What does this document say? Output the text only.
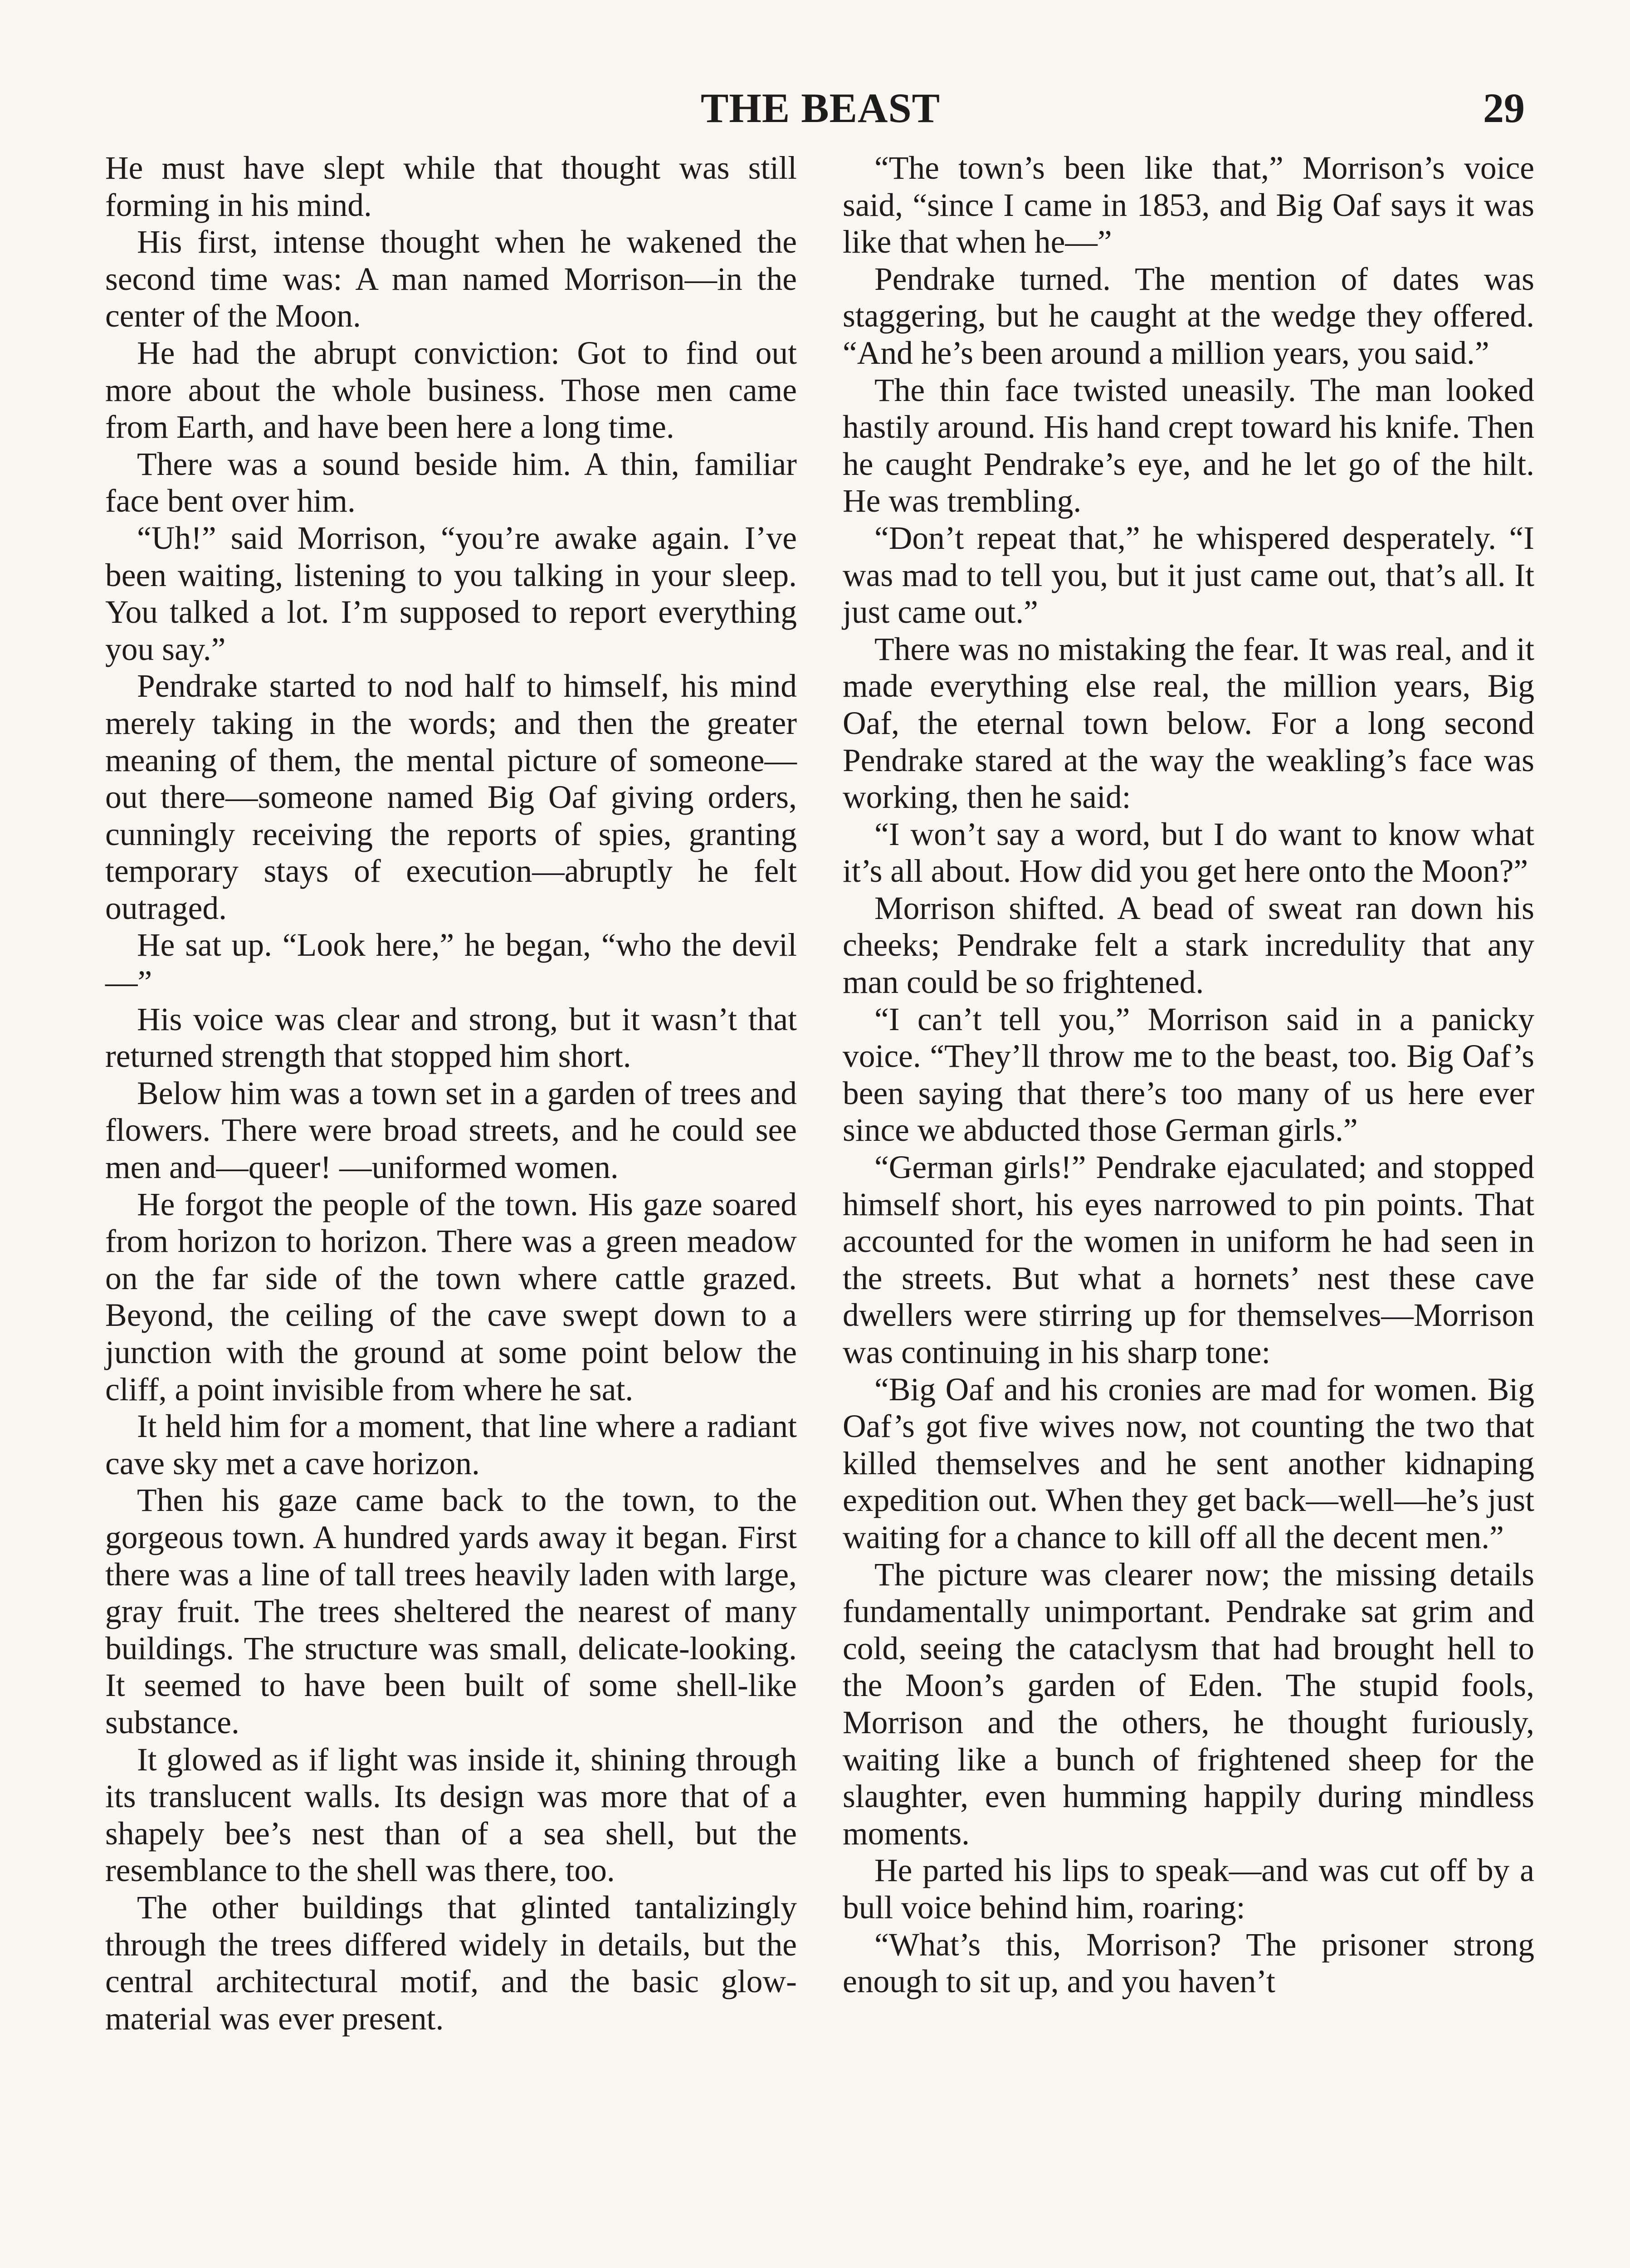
THE BEAST	29

He must have slept while that thought was still forming in his mind.

His first, intense thought when he wakened the second time was: A man named Morrison—in the center of the Moon.

He had the abrupt conviction: Got to find out more about the whole business. Those men came from Earth, and have been here a long time.

There was a sound beside him. A thin, familiar face bent over him.

“Uh!” said Morrison, “you’re awake again. I’ve been waiting, listening to you talking in your sleep. You talked a lot. I’m supposed to report everything you say.”

Pendrake started to nod half to himself, his mind merely taking in the words; and then the greater meaning of them, the mental picture of someone—out there—someone named Big Oaf giving orders, cunningly receiving the reports of spies, granting temporary stays of execution—abruptly he felt outraged.

He sat up. “Look here,” he began, “who the devil—”

His voice was clear and strong, but it wasn’t that returned strength that stopped him short.

Below him was a town set in a garden of trees and flowers. There were broad streets, and he could see men and—queer! —uniformed women.

He forgot the people of the town. His gaze soared from horizon to horizon. There was a green meadow on the far side of the town where cattle grazed. Beyond, the ceiling of the cave swept down to a junction with the ground at some point below the cliff, a point invisible from where he sat.

It held him for a moment, that line where a radiant cave sky met a cave horizon.

Then his gaze came back to the town, to the gorgeous town. A hundred yards away it began. First there was a line of tall trees heavily laden with large, gray fruit. The trees sheltered the nearest of many buildings. The structure was small, delicate-looking. It seemed to have been built of some shell-like substance.

It glowed as if light was inside it, shining through its translucent walls. Its design was more that of a shapely bee’s nest than of a sea shell, but the resemblance to the shell was there, too.

The other buildings that glinted tantalizingly through the trees differed widely in details, but the central architectural motif, and the basic glow-material was ever present.

“The town’s been like that,” Morrison’s voice said, “since I came in 1853, and Big Oaf says it was like that when he—”

Pendrake turned. The mention of dates was staggering, but he caught at the wedge they offered. “And he’s been around a million years, you said.”

The thin face twisted uneasily. The man looked hastily around. His hand crept toward his knife. Then he caught Pendrake’s eye, and he let go of the hilt. He was trembling.

“Don’t repeat that,” he whispered desperately. “I was mad to tell you, but it just came out, that’s all. It just came out.”

There was no mistaking the fear. It was real, and it made everything else real, the million years, Big Oaf, the eternal town below. For a long second Pendrake stared at the way the weakling’s face was working, then he said:

“I won’t say a word, but I do want to know what it’s all about. How did you get here onto the Moon?”

Morrison shifted. A bead of sweat ran down his cheeks; Pendrake felt a stark incredulity that any man could be so frightened.

“I can’t tell you,” Morrison said in a panicky voice. “They’ll throw me to the beast, too. Big Oaf’s been saying that there’s too many of us here ever since we abducted those German girls.”

“German girls!” Pendrake ejaculated; and stopped himself short, his eyes narrowed to pin points. That accounted for the women in uniform he had seen in the streets. But what a hornets’ nest these cave dwellers were stirring up for themselves—Morrison was continuing in his sharp tone:

“Big Oaf and his cronies are mad for women. Big Oaf’s got five wives now, not counting the two that killed themselves and he sent another kidnaping expedition out. When they get back—well—he’s just waiting for a chance to kill off all the decent men.”

The picture was clearer now; the missing details fundamentally unimportant. Pendrake sat grim and cold, seeing the cataclysm that had brought hell to the Moon’s garden of Eden. The stupid fools, Morrison and the others, he thought furiously, waiting like a bunch of frightened sheep for the slaughter, even humming happily during mindless moments.

He parted his lips to speak—and was cut off by a bull voice behind him, roaring:

“What’s this, Morrison? The prisoner strong enough to sit up, and you haven’t
